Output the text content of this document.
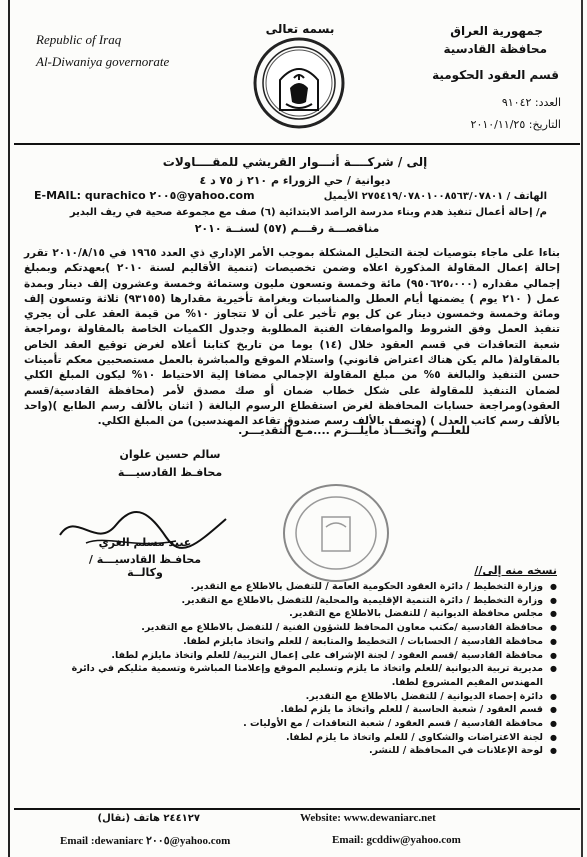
Republic of Iraq
Al-Diwaniya governorate
بسمه تعالى	جمهورية العراق
محافظة القادسية
قسم العقود الحكومية
العدد: ٩١٠٤٢
التاريخ: ٢٠١٠/١١/٢٥
إلى / شركــــة أنـــوار القريشي للمقــــاولات
ديوانية / حي الزوراء م ٢١٠ ز ٧٥ د ٤
الهاتف / ٢٧٥٤١٩/٠٧٨٠١٠٠٨٥٦٣/٠٧٨٠١ الأيميل
E-MAIL: qurachico ٢٠٠٥@yahoo.com
م/ إحالة أعمال تنفيذ هدم وبناء مدرسة الراصد الابتدائية (٦) صف مع مجموعة صحية في ريف البدير
مناقصـــة رقـــم (٥٧) لسنــة ٢٠١٠
بناءا على ماجاء بتوصيات لجنة التحليل المشكلة بموجب الأمر الإداري ذي العدد ١٩٦٥ في ٢٠١٠/٨/١٥ تقرر إحالة إعمال المقاولة المذكورة اعلاه وضمن تخصيصات (تنمية الأقاليم لسنة ٢٠١٠ )بعهدتكم وبمبلغ إجمالي مقداره (٩٥٠٦٢٥،٠٠٠) مائة وخمسة وتسعون مليون وستمائة وخمسة وعشرون إلف دينار وبمدة عمل ( ٢١٠ يوم ) يضمنها أيام العطل والمناسبات وبغرامة تأخيرية مقدارها (٩٣١٥٥) ثلاثة وتسعون إلف ومائة وخمسة وخمسون دينار عن كل يوم تأخير على أن لا تتجاوز ١٠% من قيمة العقد على أن يجري تنفيذ العمل وفق الشروط والمواصفات الفنية المطلوبة وجدول الكميات الخاصة بالمقاولة ،ومراجعة شعبة التعاقدات في قسم العقود خلال (١٤) يوما من تاريخ كتابنا أعلاه لغرض توقيع العقد الخاص بالمقاولة( مالم يكن هناك اعتراض قانوني) واستلام الموقع والمباشرة بالعمل مستصحبين معكم تأمينات حسن التنفيذ والبالغة ٥% من مبلغ المقاولة الإجمالي مضافا إلية الاحتياط ١٠% ليكون المبلغ الكلي لضمان التنفيذ للمقاولة على شكل خطاب ضمان أو صك مصدق لأمر (محافظة القادسية/قسم العقود)ومراجعة حسابات المحافظة لغرض استقطاع الرسوم البالغة ( اثنان بالألف رسم الطابع )(واحد بالألف رسم كاتب العدل ) (ونصف بالألف رسم صندوق تقاعد المهندسين) من المبلغ الكلي.
للعلـــم واتخـــاذ مايلـــزم ....مـع التقديـــر.
سالم حسين علوان
محافـظ القادسيـــة
عبيد مسلم الغزي
محافـظ القادسيـــة / وكالــة	نسخه منه إلى//
● وزارة التخطيط / دائرة العقود الحكومية العامة / للتفضل بالاطلاع مع التقدير.
● وزارة التخطيط / دائرة التنمية الإقليمية والمحلية/ للتفضل بالاطلاع مع التقدير.
● مجلس محافظة الديوانية / للتفضل بالاطلاع مع التقدير.
● محافظة القادسية /مكتب معاون المحافظ للشؤون الفنية / للتفضل بالاطلاع مع التقدير.
● محافظة القادسية / الحسابات / التخطيط والمتابعة / للعلم واتخاذ مايلزم لطفا.
● محافظة القادسية /قسم العقود / لجنة الإشراف على إعمال التربية/ للعلم واتخاذ مايلزم لطفا.
● مديرية تربية الديوانية /للعلم واتخاذ ما يلزم وتسليم الموقع وإعلامنا المباشرة وتسمية مثليكم في دائرة المهندس المقيم المشروع لطفا.
● دائرة إحصاء الديوانية / للتفضل بالاطلاع مع التقدير.
● قسم العقود / شعبة الحاسبة / للعلم واتخاذ ما يلزم لطفا.
● محافظة القادسية / قسم العقود / شعبة التعاقدات / مع الأوليات .
● لجنة الاعتراضات والشكاوى / للعلم واتخاذ ما يلزم لطفا.
● لوحة الإعلانات في المحافظة / للنشر.
٢٤٤١٢٧ هاتف (نقال)	Website: www.dewaniarc.net
Email :dewaniarc ٢٠٠٥@yahoo.com	Email: gcddiw@yahoo.com
